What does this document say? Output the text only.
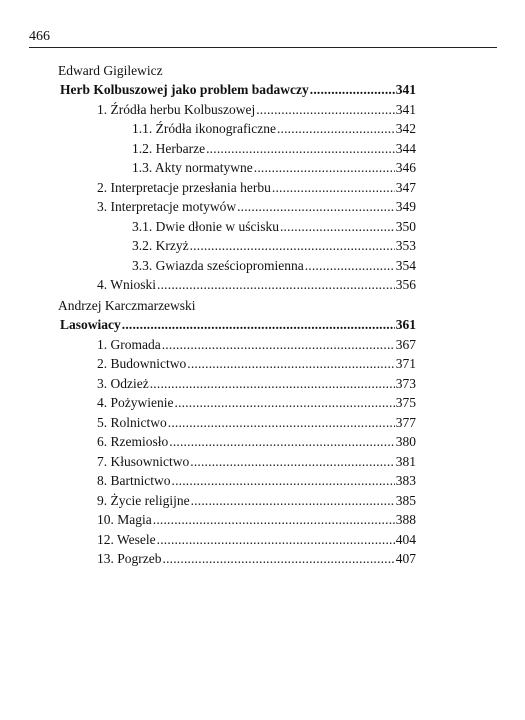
466
Edward Gigilewicz
Herb Kolbuszowej jako problem badawczy .....	341
1. Źródła herbu Kolbuszowej .....	341
1.1. Źródła ikonograficzne .....	342
1.2. Herbarze .....	344
1.3. Akty normatywne .....	346
2. Interpretacje przesłania herbu .....	347
3. Interpretacje motywów .....	349
3.1. Dwie dłonie w uścisku .....	350
3.2. Krzyż .....	353
3.3. Gwiazda sześciopromienna .....	354
4. Wnioski .....	356
Andrzej Karczmarzewski
Lasowiacy .....	361
1. Gromada .....	367
2. Budownictwo .....	371
3. Odzież .....	373
4. Pożywienie .....	375
5. Rolnictwo .....	377
6. Rzemiosło .....	380
7. Kłusownictwo .....	381
8. Bartnictwo .....	383
9. Życie religijne .....	385
10. Magia .....	388
12. Wesele .....	404
13. Pogrzeb .....	407
